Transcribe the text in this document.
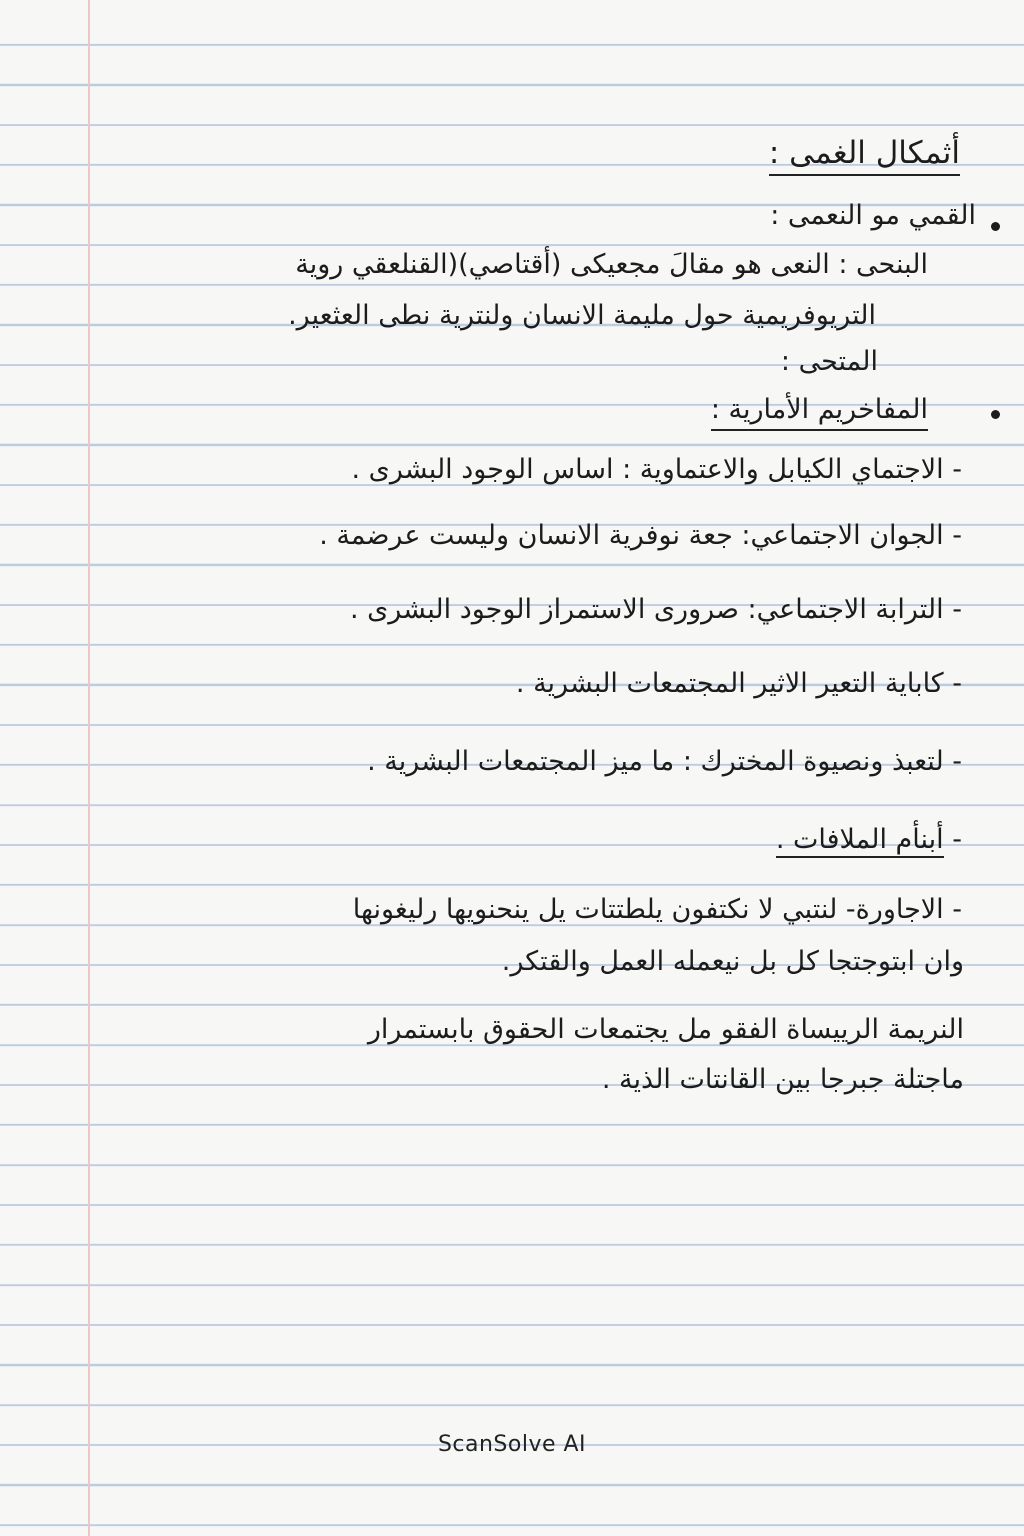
أثمكال الغمى :
القمي مو النعمى :
البنحى : النعى هو مقالَ مجعيكى (أقتاصي)(القنلعقي روية
التريوفريمية حول مليمة الانسان ولنترية نطى العثعير.
المتحى :
المفاخريم الأمارية :
- الاجتماي الكيابل والاعتماوية : اساس الوجود البشرى .
- الجوان الاجتماعي: جعة نوفرية الانسان وليست عرضمة .
- الترابة الاجتماعي: صرورى الاستمراز الوجود البشرى .
- كاباية التعير الاثير المجتمعات البشرية .
- لتعبذ ونصيوة المخترك : ما ميز المجتمعات البشرية .
- أبنأم الملافات .
- الاجاورة- لنتبي لا نكتفون يلطتتات يل ينحنويها رليغونها
وان ابتوجتجا كل بل نيعمله العمل والقتكر.
النريمة الرييساة الفقو مل يجتمعات الحقوق بابستمرار
ماجتلة جبرجا بين القانتات الذية .
ScanSolve AI
